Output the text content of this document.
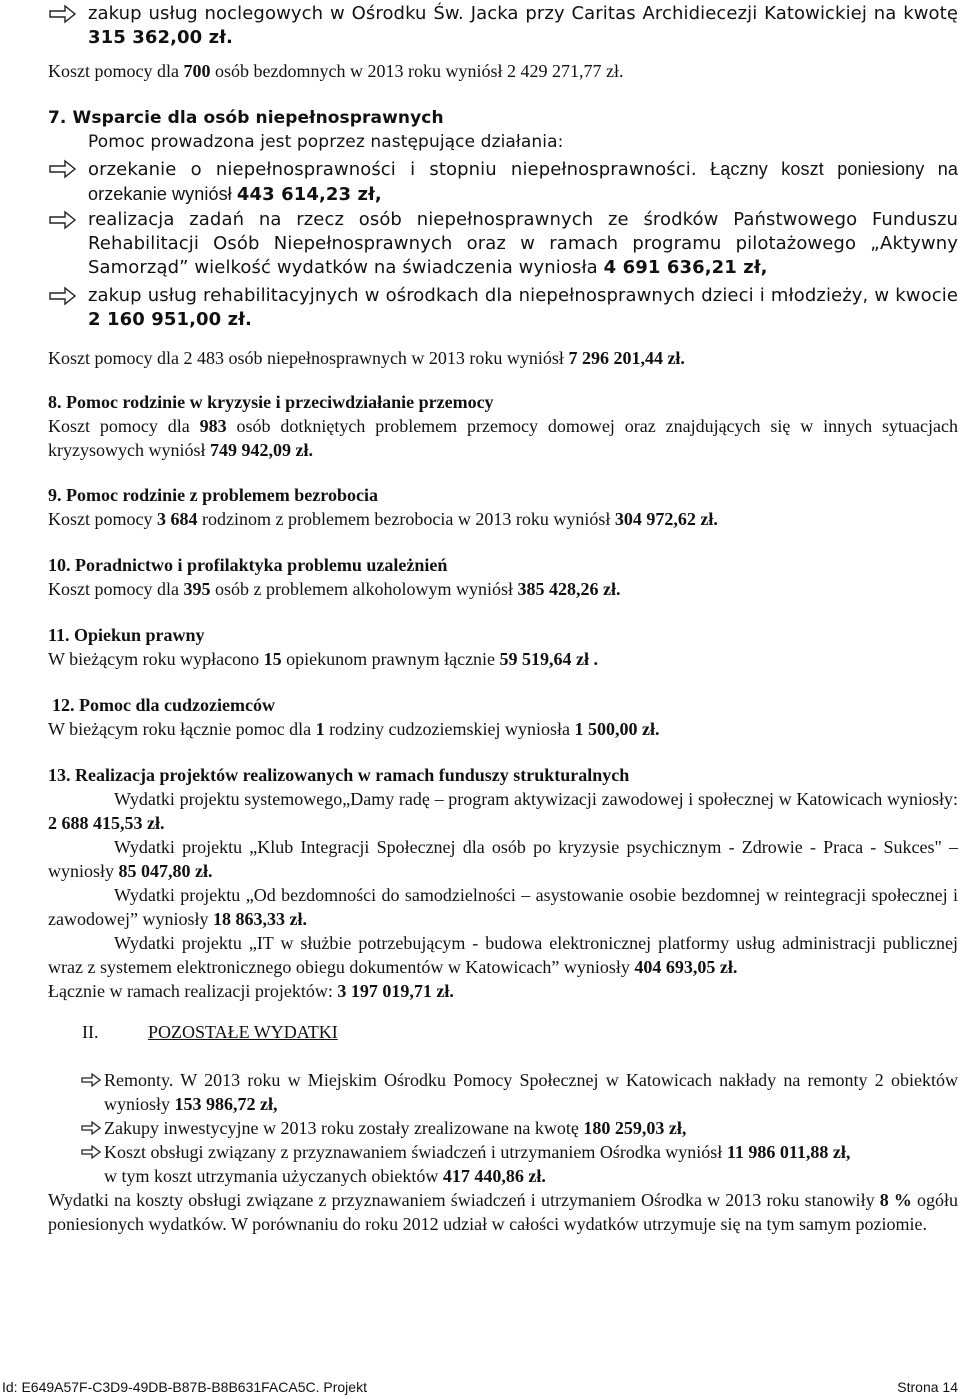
zakup usług noclegowych w Ośrodku Św. Jacka przy Caritas Archidiecezji Katowickiej na kwotę 315 362,00 zł.

Koszt pomocy dla 700 osób bezdomnych w 2013 roku wyniósł 2 429 271,77 zł.

7. Wsparcie dla osób niepełnosprawnych
Pomoc prowadzona jest poprzez następujące działania:
orzekanie o niepełnosprawności i stopniu niepełnosprawności. Łączny koszt poniesiony na orzekanie wyniósł 443 614,23 zł,
realizacja zadań na rzecz osób niepełnosprawnych ze środków Państwowego Funduszu Rehabilitacji Osób Niepełnosprawnych oraz w ramach programu pilotażowego „Aktywny Samorząd” wielkość wydatków na świadczenia wyniosła 4 691 636,21 zł,
zakup usług rehabilitacyjnych w ośrodkach dla niepełnosprawnych dzieci i młodzieży, w kwocie 2 160 951,00 zł.

Koszt pomocy dla 2 483 osób niepełnosprawnych w 2013 roku wyniósł 7 296 201,44 zł.

8. Pomoc rodzinie w kryzysie i przeciwdziałanie przemocy
Koszt pomocy dla 983 osób dotkniętych problemem przemocy domowej oraz znajdujących się w innych sytuacjach kryzysowych wyniósł 749 942,09 zł.
9. Pomoc rodzinie z problemem bezrobocia
Koszt pomocy 3 684 rodzinom z problemem bezrobocia w 2013 roku wyniósł 304 972,62 zł.
10. Poradnictwo i profilaktyka problemu uzależnień
Koszt pomocy dla 395 osób z problemem alkoholowym wyniósł 385 428,26 zł.
11. Opiekun prawny
W bieżącym roku wypłacono 15 opiekunom prawnym łącznie 59 519,64 zł .
12. Pomoc dla cudzoziemców
W bieżącym roku łącznie pomoc dla 1 rodziny cudzoziemskiej wyniosła 1 500,00 zł.
13. Realizacja projektów realizowanych w ramach funduszy strukturalnych
Wydatki projektu systemowego„Damy radę – program aktywizacji zawodowej i społecznej w Katowicach wyniosły: 2 688 415,53 zł.
Wydatki projektu „Klub Integracji Społecznej dla osób po kryzysie psychicznym - Zdrowie - Praca - Sukces" – wyniosły 85 047,80 zł.
Wydatki projektu „Od bezdomności do samodzielności – asystowanie osobie bezdomnej w reintegracji społecznej i zawodowej” wyniosły 18 863,33 zł.
Wydatki projektu „IT w służbie potrzebującym - budowa elektronicznej platformy usług administracji publicznej wraz z systemem elektronicznego obiegu dokumentów w Katowicach” wyniosły 404 693,05 zł.
Łącznie w ramach realizacji projektów: 3 197 019,71 zł.
II.	POZOSTAŁE WYDATKI
Remonty. W 2013 roku w Miejskim Ośrodku Pomocy Społecznej w Katowicach nakłady na remonty 2 obiektów wyniosły 153 986,72 zł,
Zakupy inwestycyjne w 2013 roku zostały zrealizowane na kwotę 180 259,03 zł,
Koszt obsługi związany z przyznawaniem świadczeń i utrzymaniem Ośrodka wyniósł 11 986 011,88 zł,
w tym koszt utrzymania użyczanych obiektów 417 440,86 zł.

Wydatki na koszty obsługi związane z przyznawaniem świadczeń i utrzymaniem Ośrodka w 2013 roku stanowiły 8 % ogółu poniesionych wydatków. W porównaniu do roku 2012 udział w całości wydatków utrzymuje się na tym samym poziomie.

Id: E649A57F-C3D9-49DB-B87B-B8B631FACA5C. Projekt	Strona 14
